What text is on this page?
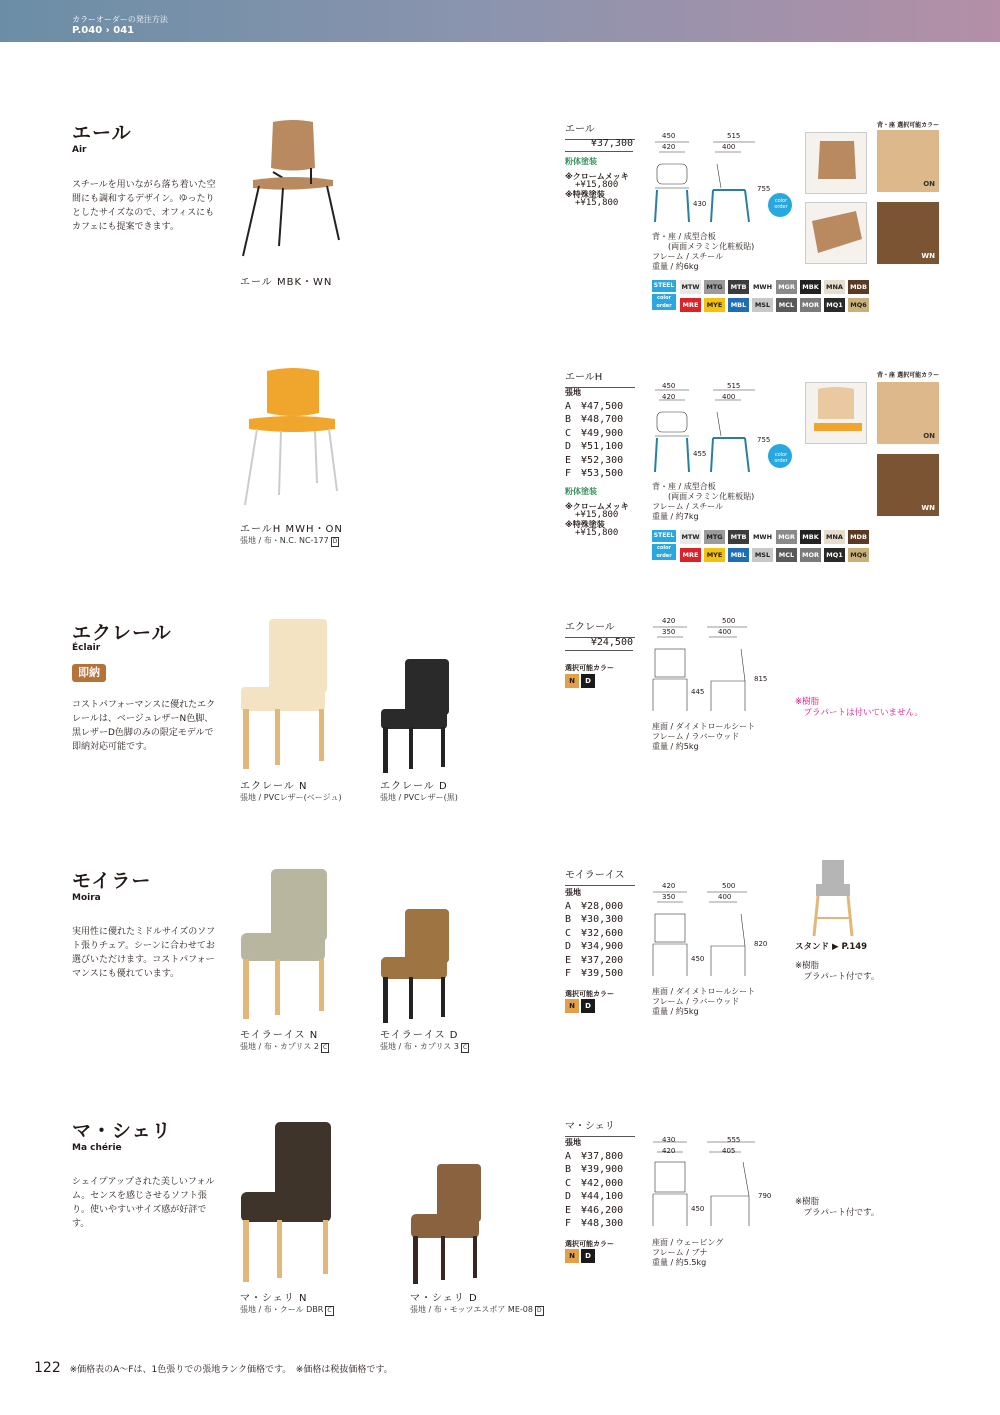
カラーオーダーの発注方法
P.040 › 041
エール
Air
スチールを用いながら落ち着いた空間にも調和するデザイン。ゆったりとしたサイズなので、オフィスにもカフェにも提案できます。
エール MBK・WN
エール
¥37,300
粉体塗装
※クロームメッキ
+¥15,800
※特殊塗装
+¥15,800
450
420
515
400
430
755
color order
背・座 / 成型合板
　　(両面メラミン化粧板貼)
フレーム / スチール
重量 / 約6kg
背・座 選択可能カラー
ON
WN
STEEL
color order
MTW	MTG	MTB	MWH MGR	MBK	MNA	MDB
MRE	MYE	MBL	MSL	MCL	MOR	MQ1	MQ6
エールH MWH・ON
張地 / 布・N.C. NC-177 D
エールH
張地
A　 ¥47,500
B　 ¥48,700
C　 ¥49,900
D　 ¥51,100
E　 ¥52,300
F　 ¥53,500
粉体塗装
※クロームメッキ
+¥15,800
※特殊塗装
+¥15,800
450
420
515
400
455
755
color order
背・座 / 成型合板
　　(両面メラミン化粧板貼)
フレーム / スチール
重量 / 約7kg
背・座 選択可能カラー
ON
WN
STEEL
color order
MTW	MTG	MTB	MWH MGR	MBK	MNA	MDB
MRE	MYE	MBL	MSL	MCL	MOR	MQ1	MQ6
エクレール
Éclair
即納
コストパフォーマンスに優れたエクレールは、ベージュレザーN色脚、黒レザーD色脚のみの限定モデルで即納対応可能です。
エクレール N
張地 / PVCレザー(ベージュ)
エクレール D
張地 / PVCレザー(黒)
エクレール
¥24,500
選択可能カラー
N	D
420
350
500
400
445
815
座面 / ダイメトロールシート
フレーム / ラバーウッド
重量 / 約5kg
※樹脂
　プラパートは付いていません。
モイラー
Moira
実用性に優れたミドルサイズのソフト張りチェア。シーンに合わせてお選びいただけます。コストパフォーマンスにも優れています。
モイラーイス N
張地 / 布・カプリス 2 C
モイラーイス D
張地 / 布・カプリス 3 C
モイラーイス
張地
A　 ¥28,000
B　 ¥30,300
C　 ¥32,600
D　 ¥34,900
E　 ¥37,200
F　 ¥39,500
選択可能カラー
N	D
420
350
500
400
450
820
座面 / ダイメトロールシート
フレーム / ラバーウッド
重量 / 約5kg
スタンド ▶ P.149
※樹脂
　プラパート付です。
マ・シェリ
Ma chérie
シェイプアップされた美しいフォルム。センスを感じさせるソフト張り。使いやすいサイズ感が好評です。
マ・シェリ N
張地 / 布・クール DBR C
マ・シェリ D
張地 / 布・モッツエスポア ME-08 D
マ・シェリ
張地
A　 ¥37,800
B　 ¥39,900
C　 ¥42,000
D　 ¥44,100
E　 ¥46,200
F　 ¥48,300
選択可能カラー
N	D
430
420
555
405
450
790
座面 / ウェービング
フレーム / ブナ
重量 / 約5.5kg
※樹脂
　プラパート付です。
122 ※価格表のA～Fは、1色張りでの張地ランク価格です。　※価格は税抜価格です。
